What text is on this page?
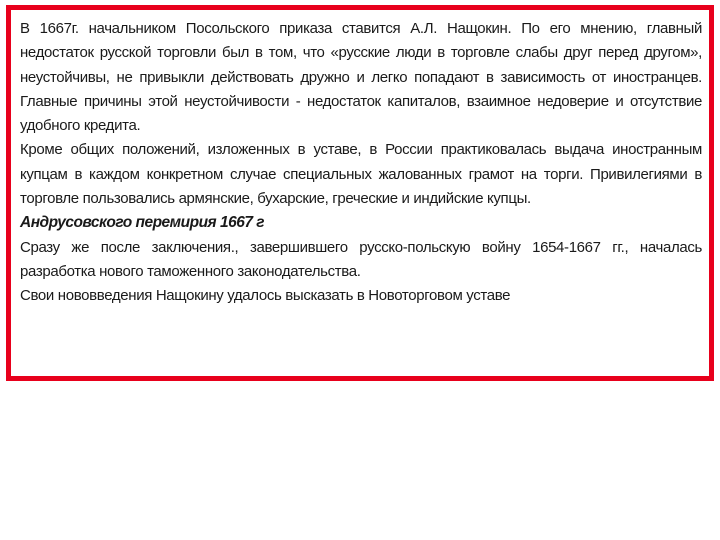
В 1667г. начальником Посольского приказа ставится А.Л. Нащокин. По его мнению, главный недостаток русской торговли был в том, что «русские люди в торговле слабы друг перед другом», неустойчивы, не привыкли действовать дружно и легко попадают в зависимость от иностранцев. Главные причины этой неустойчивости - недостаток капиталов, взаимное недоверие и отсутствие удобного кредита.

Кроме общих положений, изложенных в уставе, в России практиковалась выдача иностранным купцам в каждом конкретном случае специальных жалованных грамот на торги. Привилегиями в торговле пользовались армянские, бухарские, греческие и индийские купцы.

Андрусовского перемирия 1667 г

Сразу же после заключения., завершившего русско-польскую войну 1654-1667 гг., началась разработка нового таможенного законодательства.

Свои нововведения Нащокину удалось высказать в Новоторговом уставе
